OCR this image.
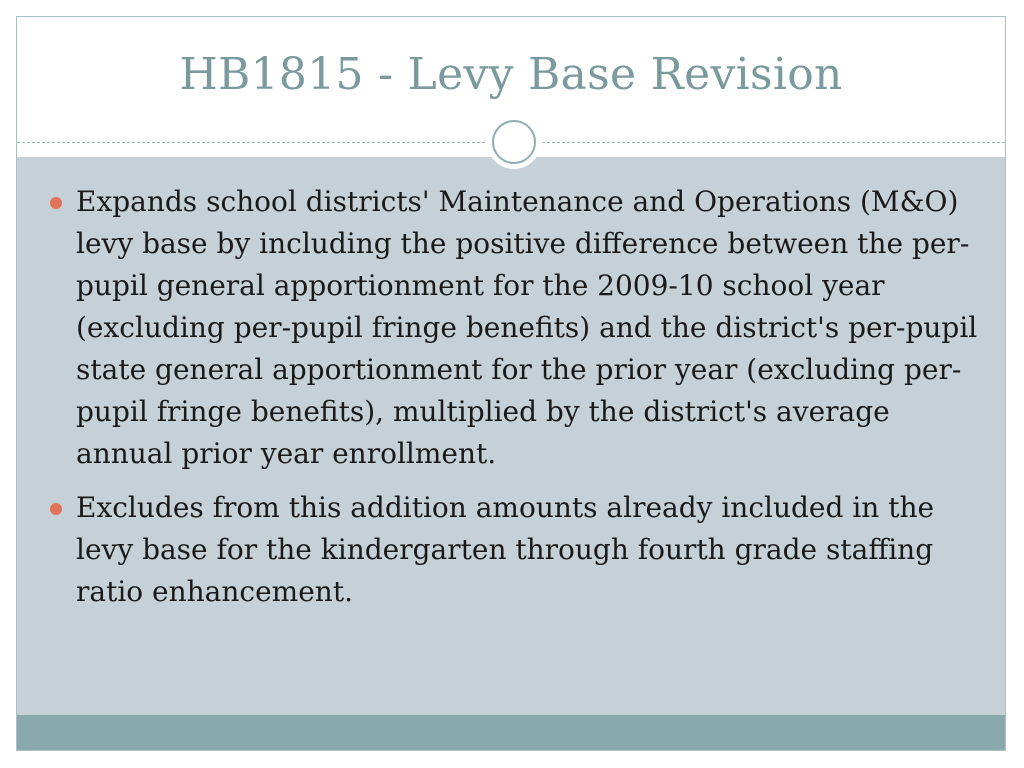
HB1815 - Levy Base Revision
Expands school districts' Maintenance and Operations (M&O) levy base by including the positive difference between the per-pupil general apportionment for the 2009-10 school year (excluding per-pupil fringe benefits) and the district's per-pupil state general apportionment for the prior year (excluding per-pupil fringe benefits), multiplied by the district's average annual prior year enrollment.
Excludes from this addition amounts already included in the levy base for the kindergarten through fourth grade staffing ratio enhancement.
